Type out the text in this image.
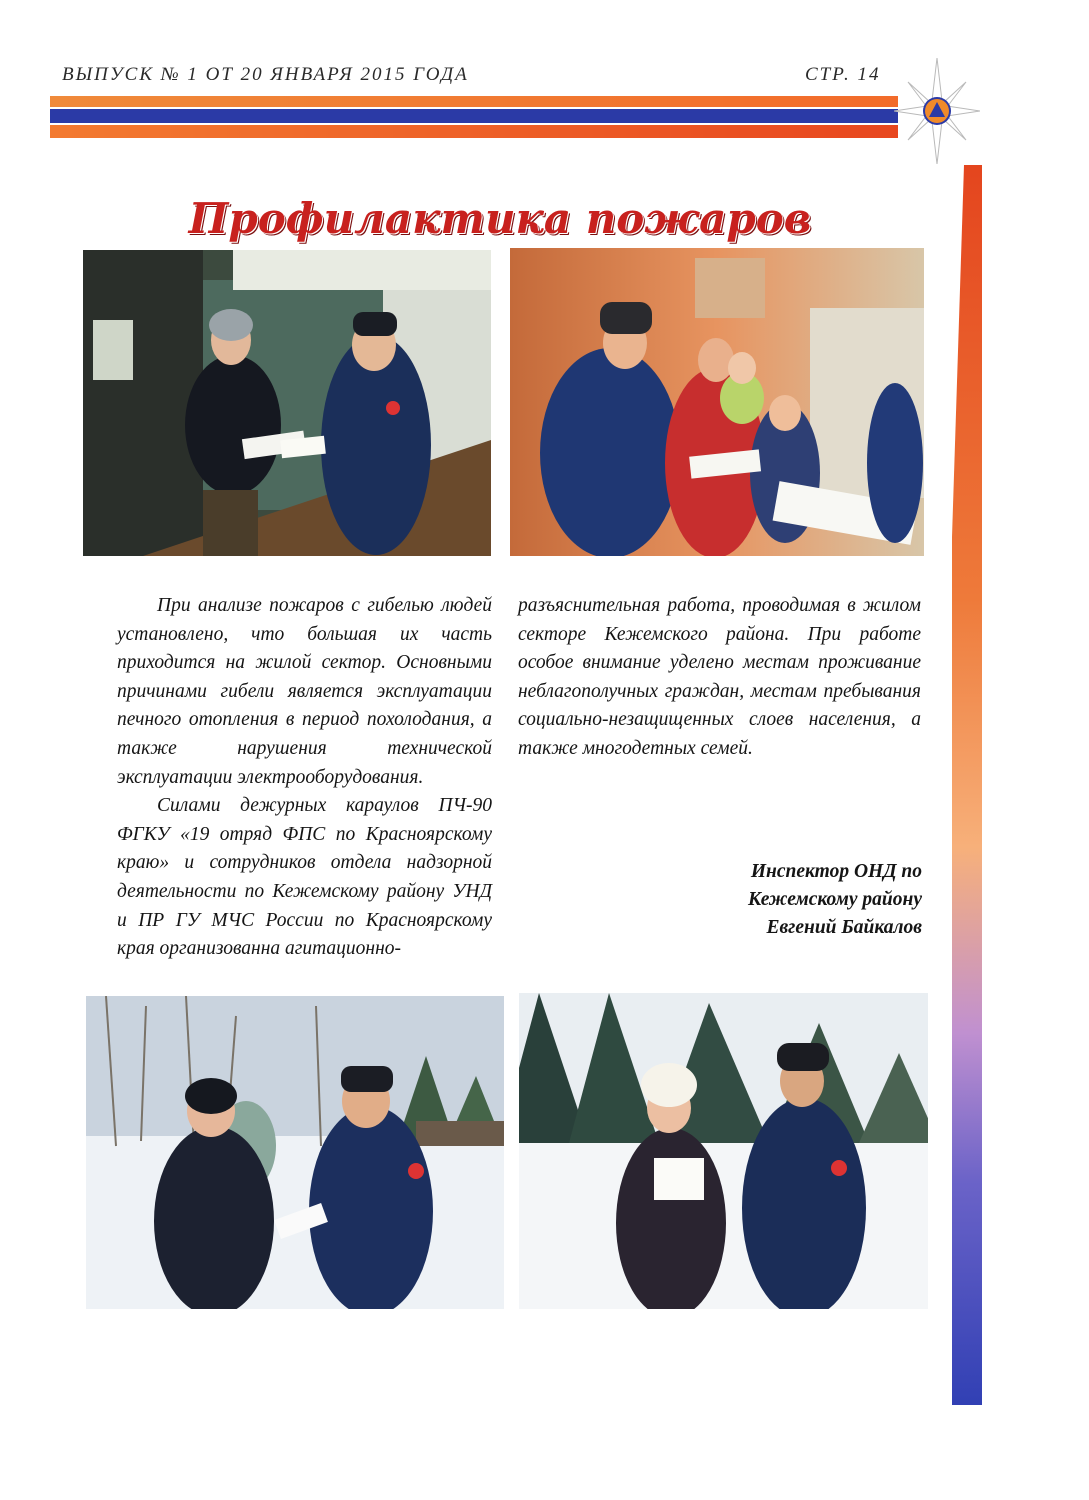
ВЫПУСК № 1 ОТ 20 ЯНВАРЯ 2015 ГОДА	СТР. 14
Профилактика пожаров

При анализе пожаров с гибелью людей установлено, что большая их часть приходится на жилой сектор. Основными причинами гибели является эксплуатации печного отопления в период похолодания, а также нарушения технической эксплуатации электрооборудования.

Силами дежурных караулов ПЧ-90 ФГКУ «19 отряд ФПС по Красноярскому краю» и сотрудников отдела надзорной деятельности по Кежемскому району УНД и ПР ГУ МЧС России по Красноярскому края организованна агитационно-

разъяснительная работа, проводимая в жилом секторе Кежемского района. При работе особое внимание уделено местам проживание неблагополучных граждан, местам пребывания социально-незащищенных слоев населения, а также многодетных семей.

Инспектор ОНД по
Кежемскому району
Евгений Байкалов
